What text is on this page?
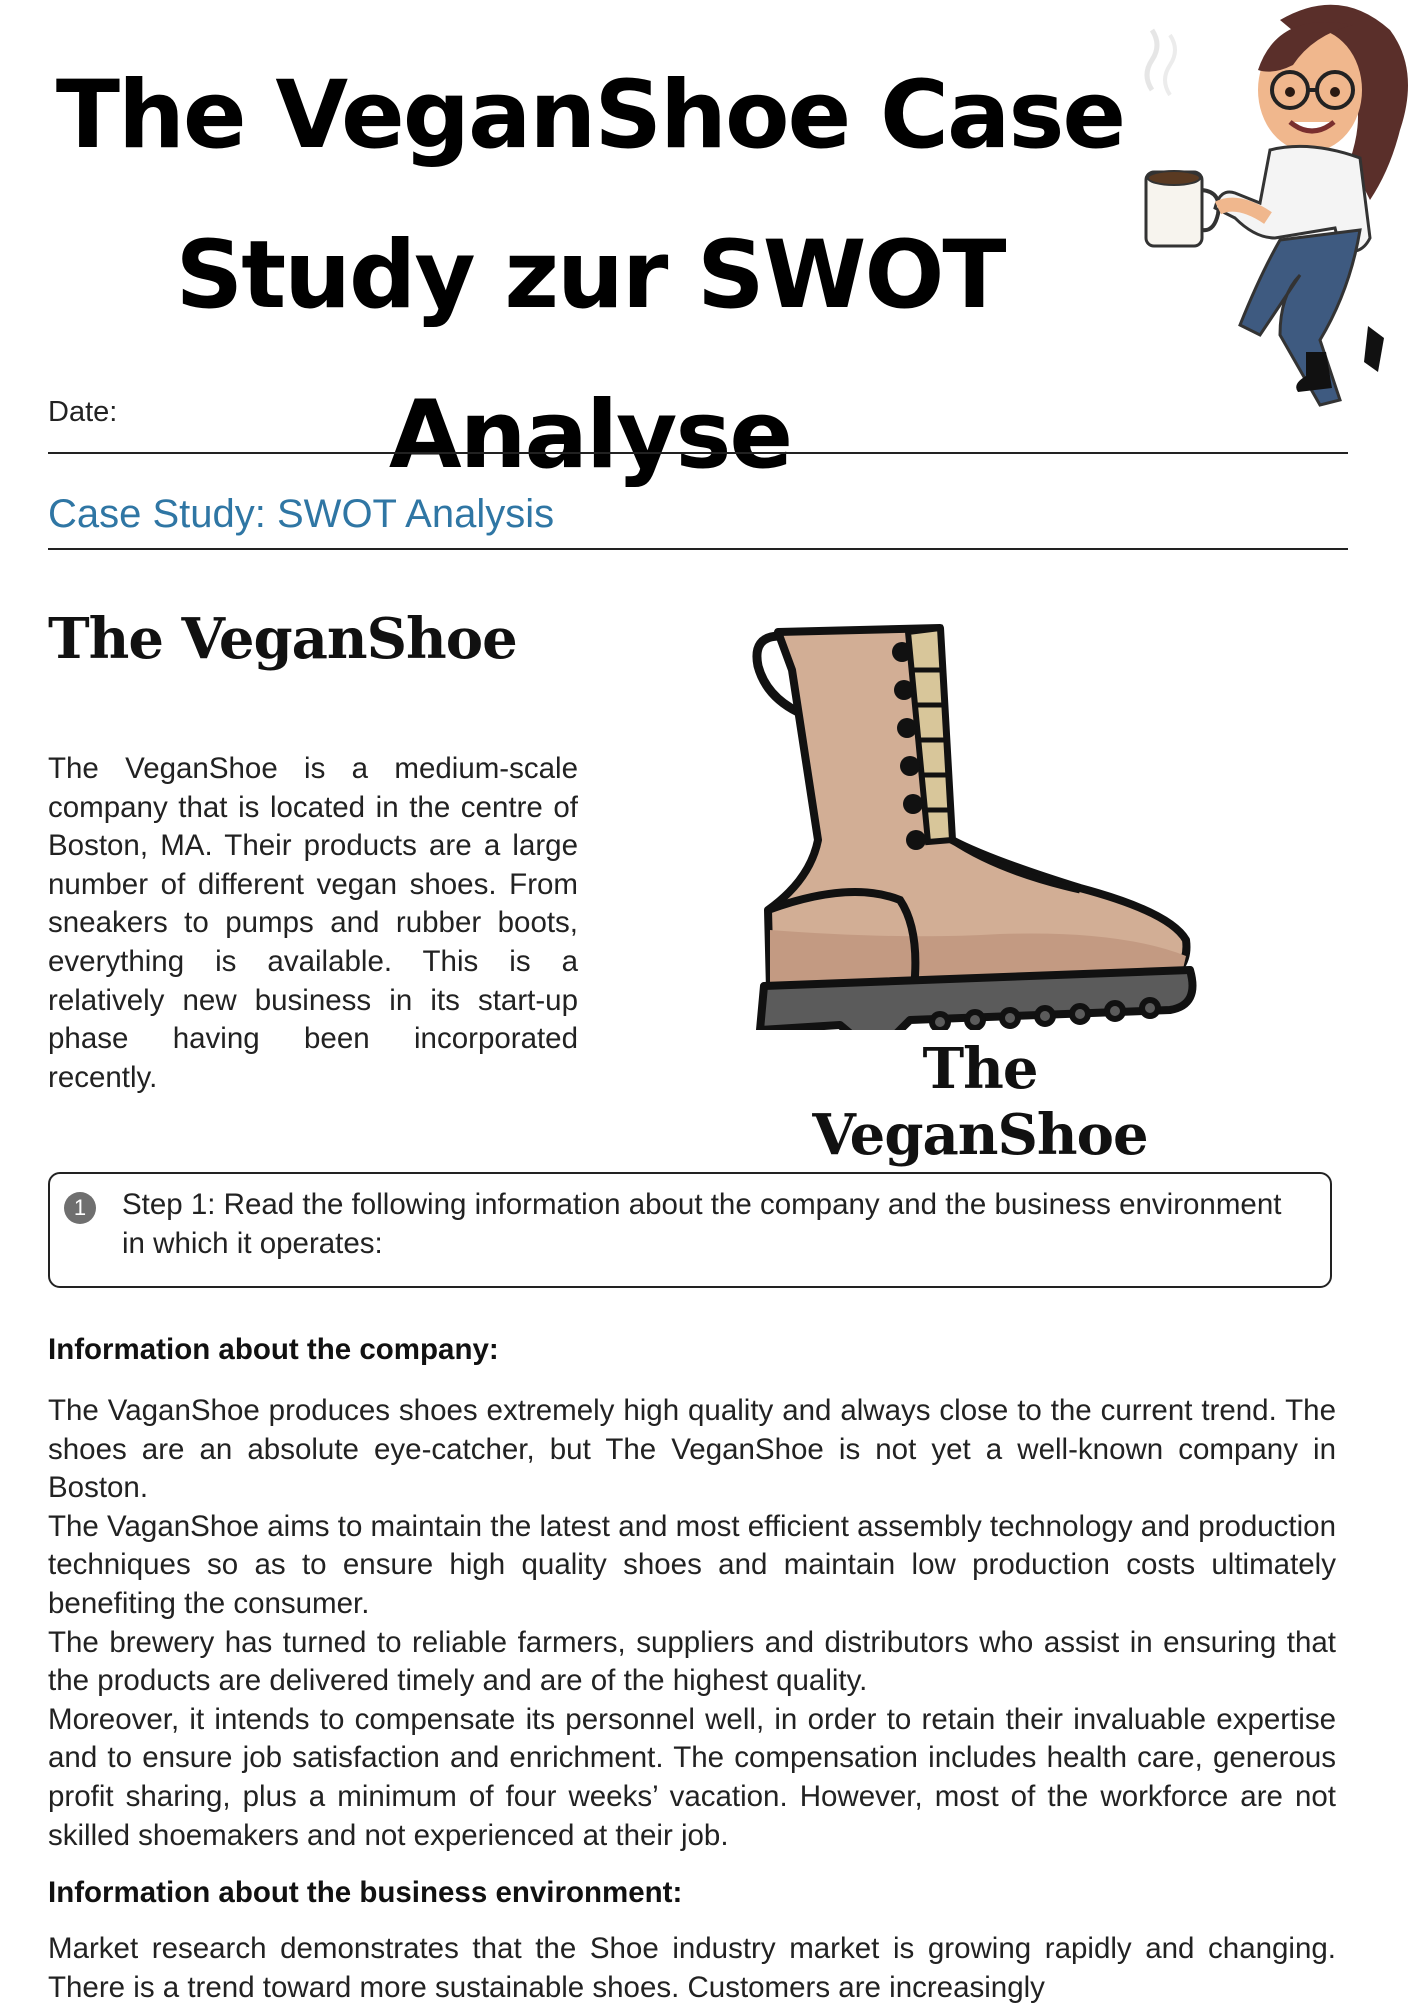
The VeganShoe Case
Study zur SWOT Analyse
Date:
Case Study: SWOT Analysis
The VeganShoe

The VeganShoe is a medium-scale company that is located in the centre of Boston, MA. Their products are a large number of different vegan shoes. From sneakers to pumps and rubber boots, everything is available. This is a relatively new business in its start-up phase having been incorporated recently.	The VeganShoe

1	Step 1: Read the following information about the company and the business environment in which it operates:

Information about the company:

The VaganShoe produces shoes extremely high quality and always close to the current trend. The shoes are an absolute eye-catcher, but The VeganShoe is not yet a well-known company in Boston.

The VaganShoe aims to maintain the latest and most efficient assembly technology and production techniques so as to ensure high quality shoes and maintain low production costs ultimately benefiting the consumer.

The brewery has turned to reliable farmers, suppliers and distributors who assist in ensuring that the products are delivered timely and are of the highest quality.

Moreover, it intends to compensate its personnel well, in order to retain their invaluable expertise and to ensure job satisfaction and enrichment. The compensation includes health care, generous profit sharing, plus a minimum of four weeks’ vacation. However, most of the workforce are not skilled shoemakers and not experienced at their job.

Information about the business environment:

Market research demonstrates that the Shoe industry market is growing rapidly and changing. There is a trend toward more sustainable shoes. Customers are increasingly
